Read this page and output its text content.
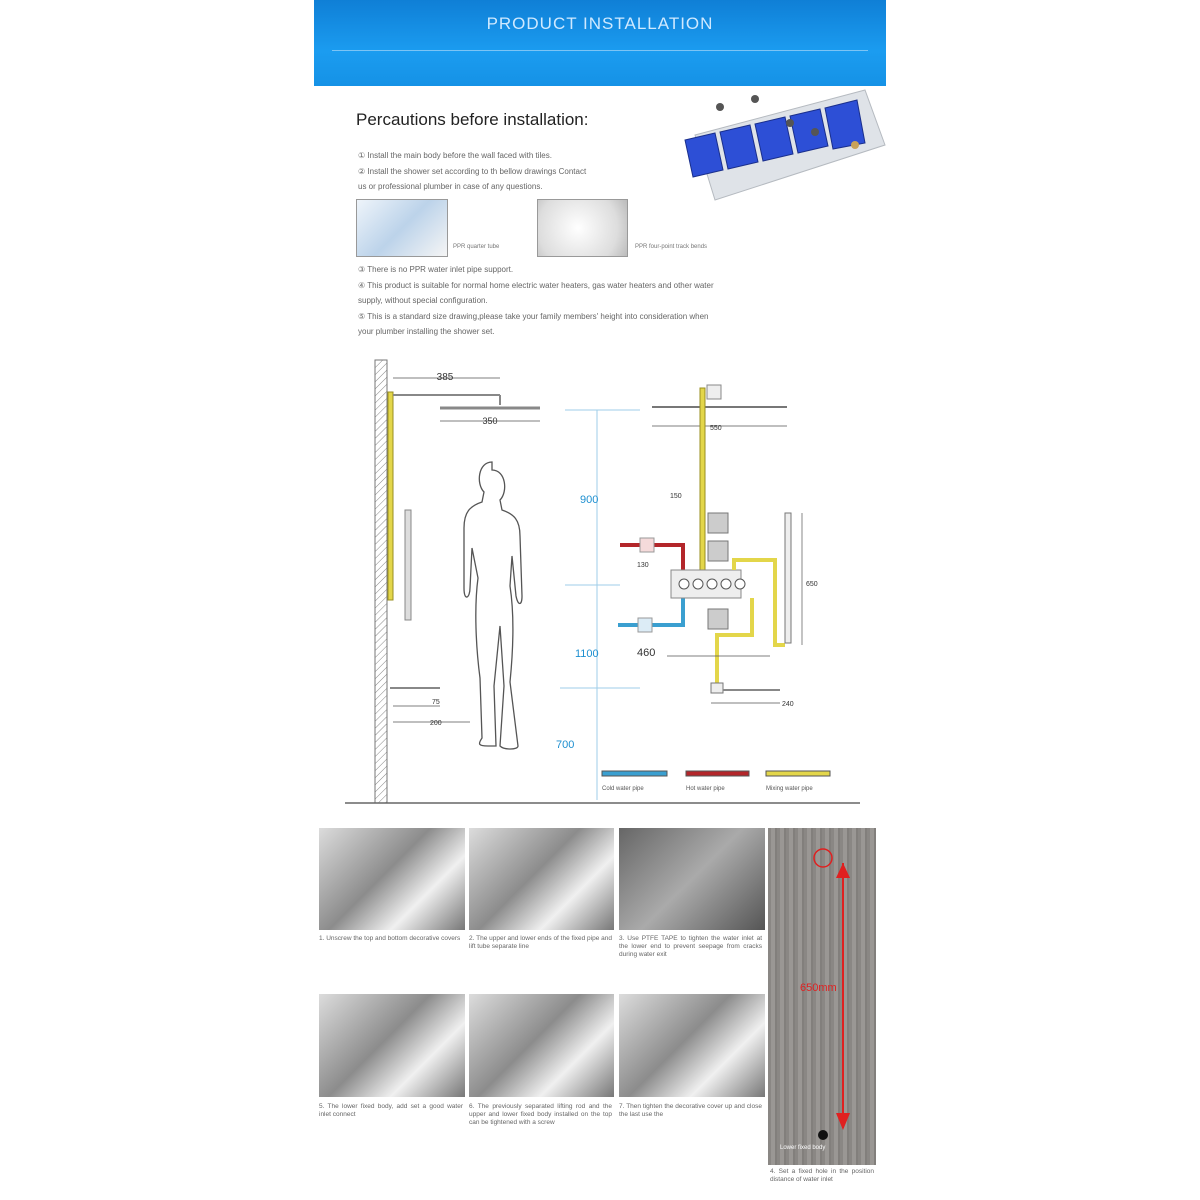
PRODUCT INSTALLATION
Percautions before installation:
① Install the main body before the wall faced with tiles.
② Install the shower set according to th bellow drawings Contact
us or professional plumber in case of any questions.
PPR quarter tube	PPR four-point track bends
③ There is no PPR water inlet pipe support.
④ This product is suitable for normal home electric water heaters, gas water heaters and other water
supply, without special configuration.
⑤ This is a standard size drawing,please take your family members' height into consideration when
your plumber installing the shower set.
385
350
75
200
900
1100
700
550
150
130
460
650
240
Cold water pipe	Hot water pipe	Mixing water pipe
1. Unscrew the top and bottom decorative covers	2. The upper and lower ends of the fixed pipe and lift tube separate line
3. Use PTFE TAPE to tighten the water inlet at the lower end to prevent seepage from cracks during water exit
5. The lower fixed body, add set a good water inlet connect
6. The previously separated lifting rod and the upper and lower fixed body installed on the top can be tightened with a screw
7. Then tighten the decorative cover up and close the last use the
650mm
Lower fixed body
4. Set a fixed hole in the position distance of water inlet
